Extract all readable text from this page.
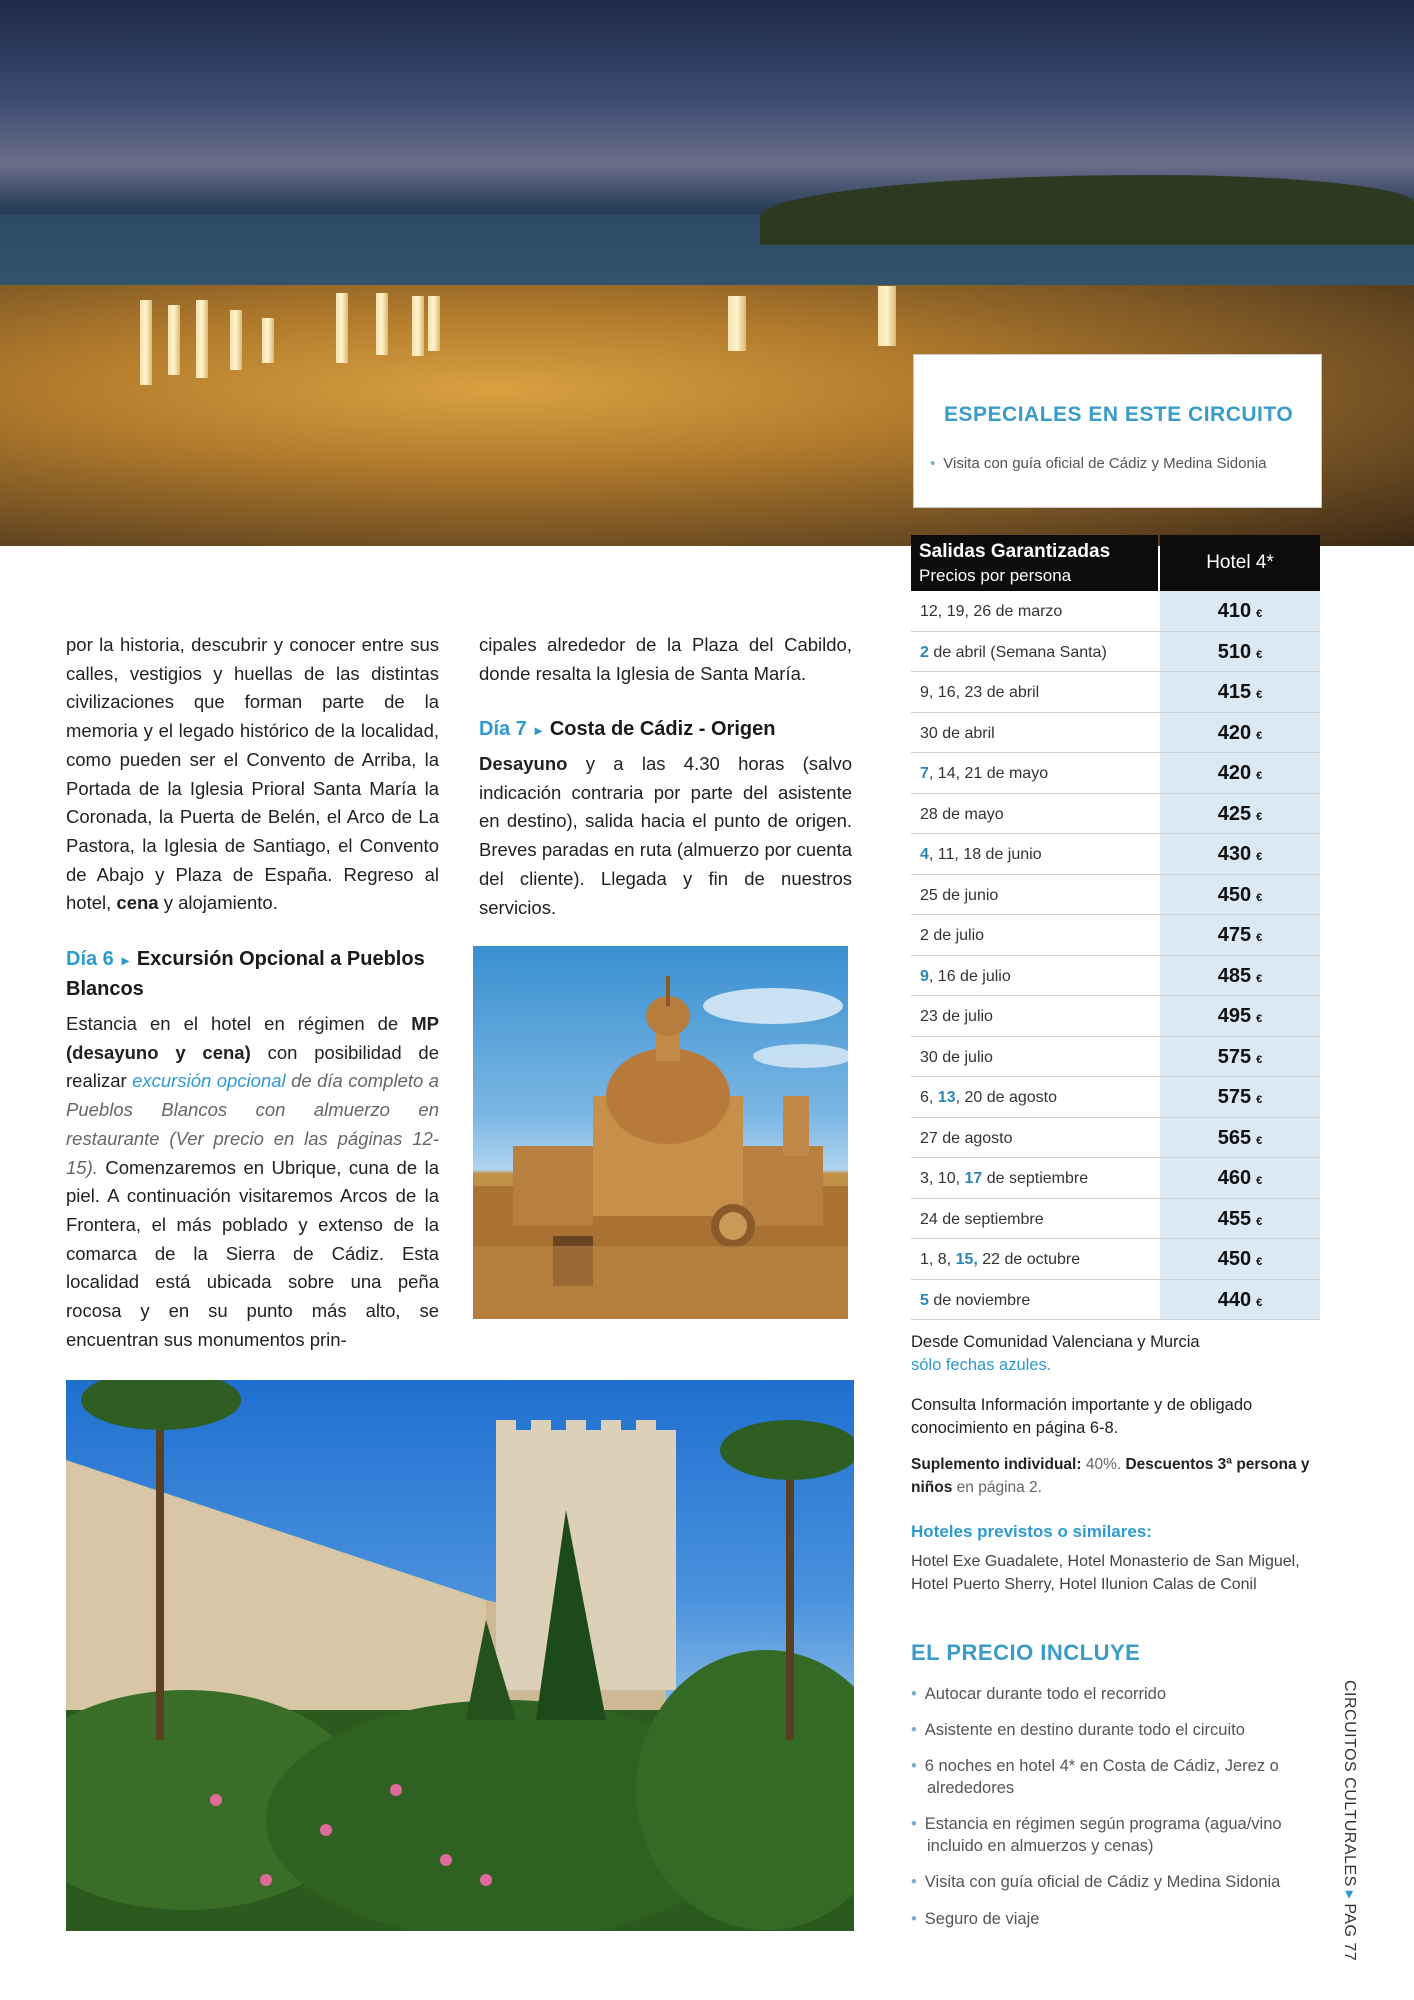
ESPECIALES EN ESTE CIRCUITO
• Visita con guía oficial de Cádiz y Medina Sidonia
Salidas Garantizadas
Precios por persona
Hotel 4*
12, 19, 26 de marzo	410 €
2 de abril (Semana Santa)	510 €
9, 16, 23 de abril	415 €
30 de abril	420 €
7, 14, 21 de mayo	420 €
28 de mayo	425 €
4, 11, 18 de junio	430 €
25 de junio	450 €
2 de julio	475 €
9, 16 de julio	485 €
23 de julio	495 €
30 de julio	575 €
6, 13, 20 de agosto	575 €
27 de agosto	565 €
3, 10, 17 de septiembre	460 €
24 de septiembre	455 €
1, 8, 15, 22 de octubre	450 €
5 de noviembre	440 €
Desde Comunidad Valenciana y Murcia
sólo fechas azules.
Consulta Información importante y de obligado conocimiento en página 6-8.
Suplemento individual: 40%. Descuentos 3ª persona y niños en página 2.
Hoteles previstos o similares:
Hotel Exe Guadalete, Hotel Monasterio de San Miguel, Hotel Puerto Sherry, Hotel Ilunion Calas de Conil
EL PRECIO INCLUYE
• Autocar durante todo el recorrido
• Asistente en destino durante todo el circuito
• 6 noches en hotel 4* en Costa de Cádiz, Jerez o alrededores
• Estancia en régimen según programa (agua/vino incluido en almuerzos y cenas)
• Visita con guía oficial de Cádiz y Medina Sidonia
• Seguro de viaje
por la historia, descubrir y conocer entre sus calles, vestigios y huellas de las distintas civilizaciones que forman parte de la memoria y el legado histórico de la localidad, como pueden ser el Convento de Arriba, la Portada de la Iglesia Prioral Santa María la Coronada, la Puerta de Belén, el Arco de La Pastora, la Iglesia de Santiago, el Convento de Abajo y Plaza de España. Regreso al hotel, cena y alojamiento.
Día 6 ▸ Excursión Opcional a Pueblos Blancos
Estancia en el hotel en régimen de MP (desayuno y cena) con posibilidad de realizar excursión opcional de día completo a Pueblos Blancos con almuerzo en restaurante (Ver precio en las páginas 12-15). Comenzaremos en Ubrique, cuna de la piel. A continuación visitaremos Arcos de la Frontera, el más poblado y extenso de la comarca de la Sierra de Cádiz. Esta localidad está ubicada sobre una peña rocosa y en su punto más alto, se encuentran sus monumentos prin-
cipales alrededor de la Plaza del Cabildo, donde resalta la Iglesia de Santa María.
Día 7 ▸ Costa de Cádiz - Origen
Desayuno y a las 4.30 horas (salvo indicación contraria por parte del asistente en destino), salida hacia el punto de origen. Breves paradas en ruta (almuerzo por cuenta del cliente). Llegada y fin de nuestros servicios.
CIRCUITOS CULTURALES▸PAG 77
